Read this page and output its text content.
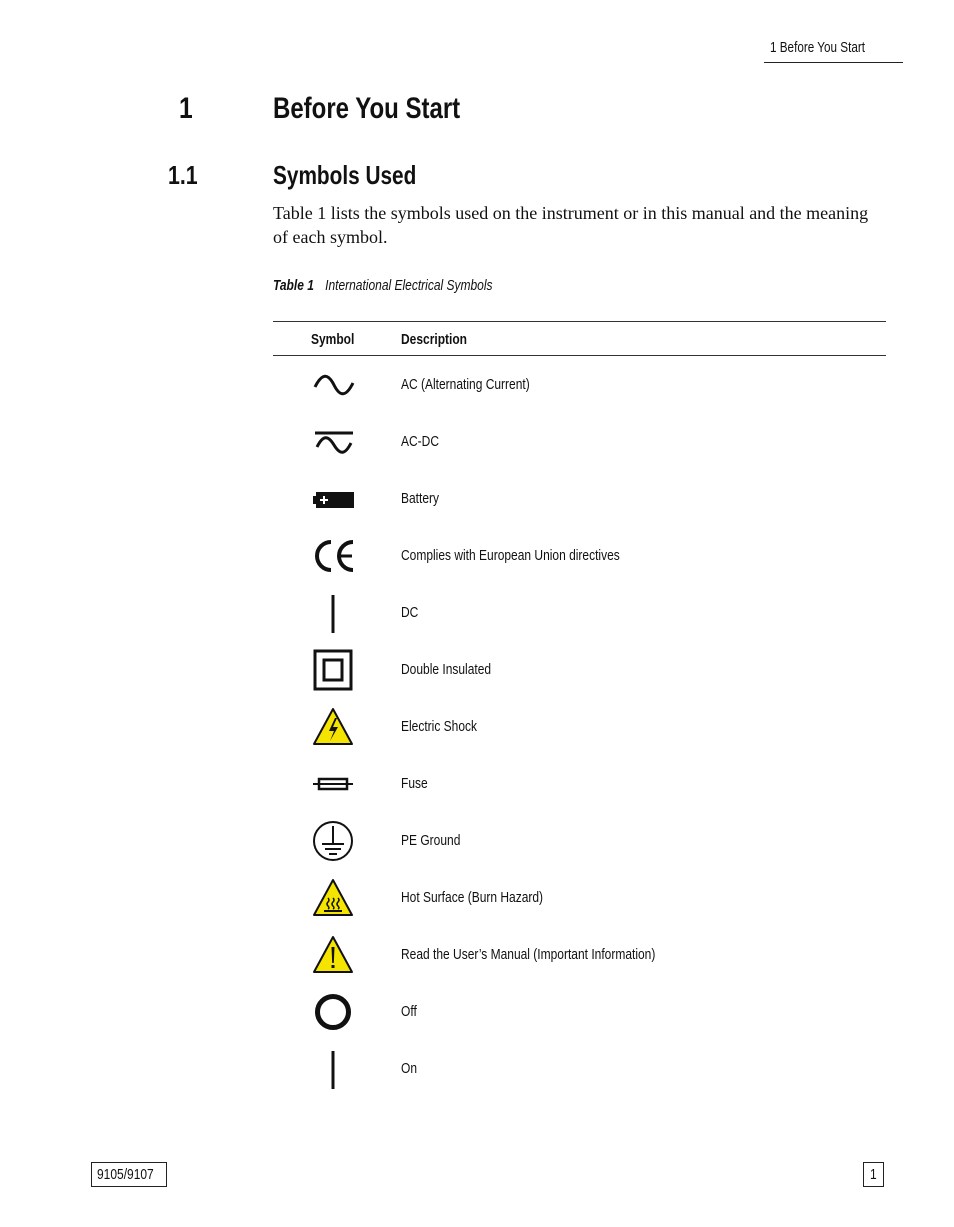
1 Before You Start
1	Before You Start
1.1	Symbols Used

Table 1 lists the symbols used on the instrument or in this manual and the meaning of each symbol.

Table 1 International Electrical Symbols
Symbol	Description
AC (Alternating Current)
AC-DC
Battery
Complies with European Union directives
DC
Double Insulated
Electric Shock
Fuse
PE Ground
Hot Surface (Burn Hazard)
Read the User’s Manual (Important Information)
Off
On
9105/9107	1
